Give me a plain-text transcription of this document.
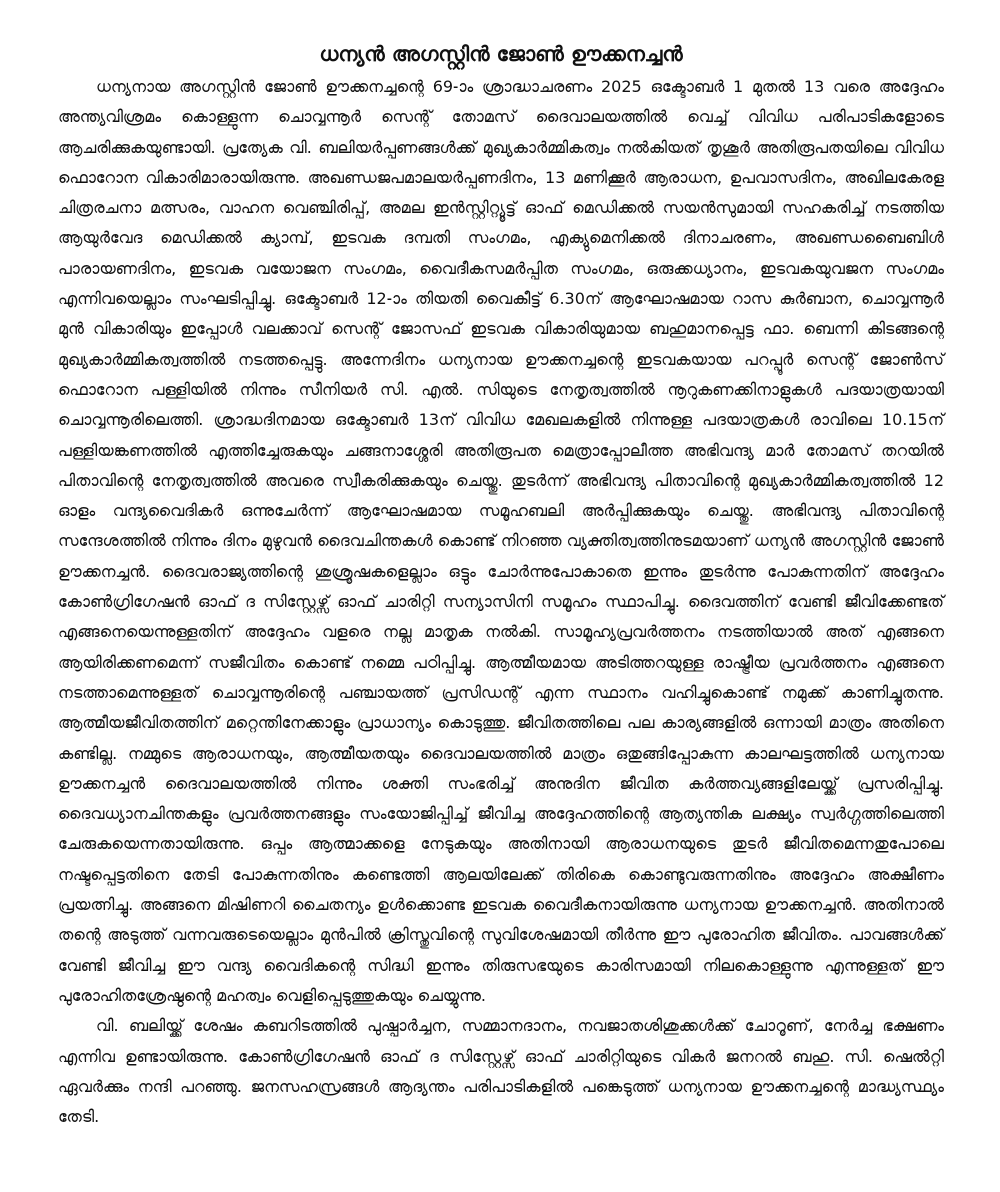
ധന്യൻ അഗസ്റ്റിൻ ജോൺ ഊക്കനച്ചൻ

ധന്യനായ അഗസ്റ്റിൻ ജോൺ ഊക്കനച്ചന്റെ 69-ാം ശ്രാദ്ധാചരണം 2025 ഒക്ടോബർ 1 മുതൽ 13 വരെ അദ്ദേഹം അന്ത്യവിശ്രമം കൊള്ളുന്ന ചൊവ്വന്നൂർ സെന്റ് തോമസ് ദൈവാലയത്തിൽ വെച്ച് വിവിധ പരിപാടികളോടെ ആചരിക്കുകയുണ്ടായി. പ്രത്യേക വി. ബലിയർപ്പണങ്ങൾക്ക് മുഖ്യകാർമ്മികത്വം നൽകിയത് തൃശൂർ അതിരൂപതയിലെ വിവിധ ഫൊറോന വികാരിമാരായിരുന്നു. അഖണ്ഡജപമാലയർപ്പണദിനം, 13 മണിക്കൂർ ആരാധന, ഉപവാസദിനം, അഖിലകേരള ചിത്രരചനാ മത്സരം, വാഹന വെഞ്ചിരിപ്പ്, അമല ഇൻസ്റ്റിറ്റ്യൂട്ട് ഓഫ് മെഡിക്കൽ സയൻസുമായി സഹകരിച്ച് നടത്തിയ ആയുർവേദ മെഡിക്കൽ ക്യാമ്പ്, ഇടവക ദമ്പതി സംഗമം, എക്യുമെനിക്കൽ ദിനാചരണം, അഖണ്ഡബൈബിൾ പാരായണദിനം, ഇടവക വയോജന സംഗമം, വൈദീകസമർപ്പിത സംഗമം, ഒരുക്കധ്യാനം, ഇടവകയുവജന സംഗമം എന്നിവയെല്ലാം സംഘടിപ്പിച്ചു. ഒക്ടോബർ 12-ാം തിയതി വൈകീട്ട് 6.30ന് ആഘോഷമായ റാസ കുർബാന, ചൊവ്വന്നൂർ മുൻ വികാരിയും ഇപ്പോൾ വലക്കാവ് സെന്റ് ജോസഫ് ഇടവക വികാരിയുമായ ബഹുമാനപ്പെട്ട ഫാ. ബെന്നി കിടങ്ങന്റെ മുഖ്യകാർമ്മികത്വത്തിൽ നടത്തപ്പെട്ടു. അന്നേദിനം ധന്യനായ ഊക്കനച്ചന്റെ ഇടവകയായ പറപ്പൂർ സെന്റ് ജോൺസ് ഫൊറോന പള്ളിയിൽ നിന്നും സീനിയർ സി. എൽ. സിയുടെ നേതൃത്വത്തിൽ നൂറുകണക്കിനാളുകൾ പദയാത്രയായി ചൊവ്വന്നൂരിലെത്തി. ശ്രാദ്ധദിനമായ ഒക്ടോബർ 13ന് വിവിധ മേഖലകളിൽ നിന്നുള്ള പദയാത്രകൾ രാവിലെ 10.15ന് പള്ളിയങ്കണത്തിൽ എത്തിച്ചേരുകയും ചങ്ങനാശ്ശേരി അതിരൂപത മെത്രാപ്പോലീത്ത അഭിവന്ദ്യ മാർ തോമസ് തറയിൽ പിതാവിന്റെ നേതൃത്വത്തിൽ അവരെ സ്വീകരിക്കുകയും ചെയ്തു. തുടർന്ന് അഭിവന്ദ്യ പിതാവിന്റെ മുഖ്യകാർമ്മികത്വത്തിൽ 12 ഓളം വന്ദ്യവൈദികർ ഒന്നുചേർന്ന് ആഘോഷമായ സമൂഹബലി അർപ്പിക്കുകയും ചെയ്തു. അഭിവന്ദ്യ പിതാവിന്റെ സന്ദേശത്തിൽ നിന്നും ദിനം മുഴുവൻ ദൈവചിന്തകൾ കൊണ്ട് നിറഞ്ഞ വ്യക്തിത്വത്തിനുടമയാണ് ധന്യൻ അഗസ്റ്റിൻ ജോൺ ഊക്കനച്ചൻ. ദൈവരാജ്യത്തിന്റെ ശുശ്രൂഷകളെല്ലാം ഒട്ടും ചോർന്നുപോകാതെ ഇന്നും തുടർന്നു പോകുന്നതിന് അദ്ദേഹം കോൺഗ്രിഗേഷൻ ഓഫ് ദ സിസ്റ്റേഴ്സ് ഓഫ് ചാരിറ്റി സന്യാസിനി സമൂഹം സ്ഥാപിച്ചു. ദൈവത്തിന് വേണ്ടി ജീവിക്കേണ്ടത് എങ്ങനെയെന്നുള്ളതിന് അദ്ദേഹം വളരെ നല്ല മാതൃക നൽകി. സാമൂഹ്യപ്രവർത്തനം നടത്തിയാൽ അത് എങ്ങനെ ആയിരിക്കണമെന്ന് സജീവിതം കൊണ്ട് നമ്മെ പഠിപ്പിച്ചു. ആത്മീയമായ അടിത്തറയുള്ള രാഷ്ട്രീയ പ്രവർത്തനം എങ്ങനെ നടത്താമെന്നുള്ളത് ചൊവ്വന്നൂരിന്റെ പഞ്ചായത്ത് പ്രസിഡന്റ് എന്ന സ്ഥാനം വഹിച്ചുകൊണ്ട് നമുക്ക് കാണിച്ചുതന്നു. ആത്മീയജീവിതത്തിന് മറ്റെന്തിനേക്കാളും പ്രാധാന്യം കൊടുത്തു. ജീവിതത്തിലെ പല കാര്യങ്ങളിൽ ഒന്നായി മാത്രം അതിനെ കണ്ടില്ല. നമ്മുടെ ആരാധനയും, ആത്മീയതയും ദൈവാലയത്തിൽ മാത്രം ഒതുങ്ങിപ്പോകുന്ന കാലഘട്ടത്തിൽ ധന്യനായ ഊക്കനച്ചൻ ദൈവാലയത്തിൽ നിന്നും ശക്തി സംഭരിച്ച് അനുദിന ജീവിത കർത്തവ്യങ്ങളിലേയ്ക്ക് പ്രസരിപ്പിച്ചു. ദൈവധ്യാനചിന്തകളും പ്രവർത്തനങ്ങളും സംയോജിപ്പിച്ച് ജീവിച്ച അദ്ദേഹത്തിന്റെ ആത്യന്തിക ലക്ഷ്യം സ്വർഗ്ഗത്തിലെത്തി ചേരുകയെന്നതായിരുന്നു. ഒപ്പം ആത്മാക്കളെ നേടുകയും അതിനായി ആരാധനയുടെ തുടർ ജീവിതമെന്നതുപോലെ നഷ്ടപ്പെട്ടതിനെ തേടി പോകുന്നതിനും കണ്ടെത്തി ആലയിലേക്ക് തിരികെ കൊണ്ടുവരുന്നതിനും അദ്ദേഹം അക്ഷീണം പ്രയത്നിച്ചു. അങ്ങനെ മിഷിണറി ചൈതന്യം ഉൾക്കൊണ്ട ഇടവക വൈദീകനായിരുന്നു ധന്യനായ ഊക്കനച്ചൻ. അതിനാൽ തന്റെ അടുത്ത് വന്നവരുടെയെല്ലാം മുൻപിൽ ക്രിസ്തുവിന്റെ സുവിശേഷമായി തീർന്നു ഈ പുരോഹിത ജീവിതം. പാവങ്ങൾക്ക് വേണ്ടി ജീവിച്ച ഈ വന്ദ്യ വൈദികന്റെ സിദ്ധി ഇന്നും തിരുസഭയുടെ കാരിസമായി നിലകൊള്ളുന്നു എന്നുള്ളത് ഈ പുരോഹിതശ്രേഷ്ഠന്റെ മഹത്വം വെളിപ്പെടുത്തുകയും ചെയ്യുന്നു.

വി. ബലിയ്ക്ക് ശേഷം കബറിടത്തിൽ പുഷ്പാർച്ചന, സമ്മാനദാനം, നവജാതശിശുക്കൾക്ക് ചോറൂണ്, നേർച്ച ഭക്ഷണം എന്നിവ ഉണ്ടായിരുന്നു. കോൺഗ്രിഗേഷൻ ഓഫ് ദ സിസ്റ്റേഴ്സ് ഓഫ് ചാരിറ്റിയുടെ വികർ ജനറൽ ബഹു. സി. ഷെൽറ്റി ഏവർക്കും നന്ദി പറഞ്ഞു. ജനസഹസ്രങ്ങൾ ആദ്യന്തം പരിപാടികളിൽ പങ്കെടുത്ത് ധന്യനായ ഊക്കനച്ചന്റെ മാദ്ധ്യസ്ഥ്യം തേടി.
